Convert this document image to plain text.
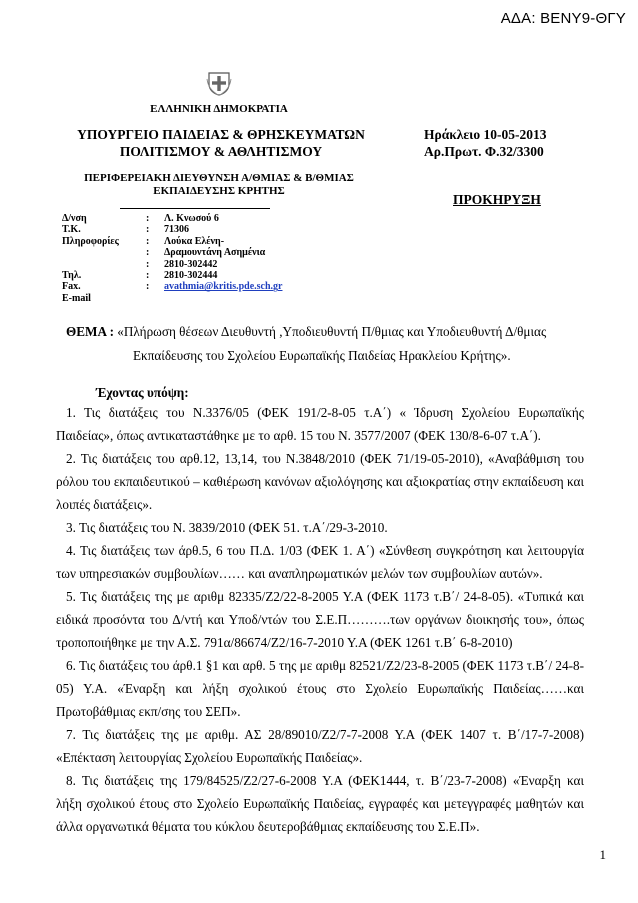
ΑΔΑ: ΒΕΝΥ9-ΘΓΥ
ΕΛΛΗΝΙΚΗ ΔΗΜΟΚΡΑΤΙΑ
ΥΠΟΥΡΓΕΙΟ ΠΑΙΔΕΙΑΣ & ΘΡΗΣΚΕΥΜΑΤΩΝ
ΠΟΛΙΤΙΣΜΟΥ & ΑΘΛΗΤΙΣΜΟΥ
ΠΕΡΙΦΕΡΕΙΑΚΗ ΔΙΕΥΘΥΝΣΗ Α/ΘΜΙΑΣ & Β/ΘΜΙΑΣ
ΕΚΠΑΙΔΕΥΣΗΣ ΚΡΗΤΗΣ
Ηράκλειο 10-05-2013
Αρ.Πρωτ. Φ.32/3300
ΠΡΟΚΗΡΥΞΗ
Δ/νση	:	Λ. Κνωσού 6
Τ.Κ.	:	71306
Πληροφορίες	:	Λούκα Ελένη-
	:	Δραμουντάνη Ασημένια
	:	2810-302442
Τηλ.	:	2810-302444
Fax.	:	avathmia@kritis.pde.sch.gr
E-mail		
ΘΕΜΑ : «Πλήρωση θέσεων Διευθυντή ,Υποδιευθυντή Π/θμιας και Υποδιευθυντή Δ/θμιας
Εκπαίδευσης του Σχολείου Ευρωπαϊκής Παιδείας Ηρακλείου Κρήτης».
Έχοντας υπόψη:
1. Τις διατάξεις του Ν.3376/05 (ΦΕΚ 191/2-8-05 τ.Α΄) « Ίδρυση Σχολείου Ευρωπαϊκής Παιδείας», όπως αντικαταστάθηκε με το αρθ. 15 του Ν. 3577/2007 (ΦΕΚ 130/8-6-07 τ.Α΄).
2. Τις διατάξεις του αρθ.12, 13,14, του Ν.3848/2010 (ΦΕΚ 71/19-05-2010), «Αναβάθμιση του ρόλου του εκπαιδευτικού – καθιέρωση κανόνων αξιολόγησης και αξιοκρατίας στην εκπαίδευση και λοιπές διατάξεις».
3. Τις διατάξεις του Ν. 3839/2010 (ΦΕΚ 51. τ.Α΄/29-3-2010.
4. Τις διατάξεις των άρθ.5, 6 του Π.Δ. 1/03 (ΦΕΚ 1. Α΄) «Σύνθεση συγκρότηση και λειτουργία των υπηρεσιακών συμβουλίων…… και αναπληρωματικών μελών των συμβουλίων αυτών».
5. Τις διατάξεις της με αριθμ 82335/Ζ2/22-8-2005 Υ.Α (ΦΕΚ 1173 τ.Β΄/ 24-8-05). «Τυπικά και ειδικά προσόντα του Δ/ντή και Υποδ/ντών του Σ.Ε.Π……….των οργάνων διοικησής του», όπως τροποποιήθηκε με την Α.Σ. 791α/86674/Ζ2/16-7-2010 Υ.Α (ΦΕΚ 1261 τ.Β΄ 6-8-2010)
6. Τις διατάξεις του άρθ.1 §1 και αρθ. 5 της με αριθμ 82521/Ζ2/23-8-2005 (ΦΕΚ 1173 τ.Β΄/ 24-8-05) Υ.Α. «Έναρξη και λήξη σχολικού έτους στο Σχολείο Ευρωπαϊκής Παιδείας……και Πρωτοβάθμιας εκπ/σης του ΣΕΠ».
7. Τις διατάξεις της με αριθμ. ΑΣ 28/89010/Ζ2/7-7-2008 Υ.Α (ΦΕΚ 1407 τ. Β΄/17-7-2008) «Επέκταση λειτουργίας Σχολείου Ευρωπαϊκής Παιδείας».
8. Τις διατάξεις της 179/84525/Ζ2/27-6-2008 Υ.Α (ΦΕΚ1444, τ. Β΄/23-7-2008) «Έναρξη και λήξη σχολικού έτους στο Σχολείο Ευρωπαϊκής Παιδείας, εγγραφές και μετεγγραφές μαθητών και άλλα οργανωτικά θέματα του κύκλου δευτεροβάθμιας εκπαίδευσης του Σ.Ε.Π».
1
